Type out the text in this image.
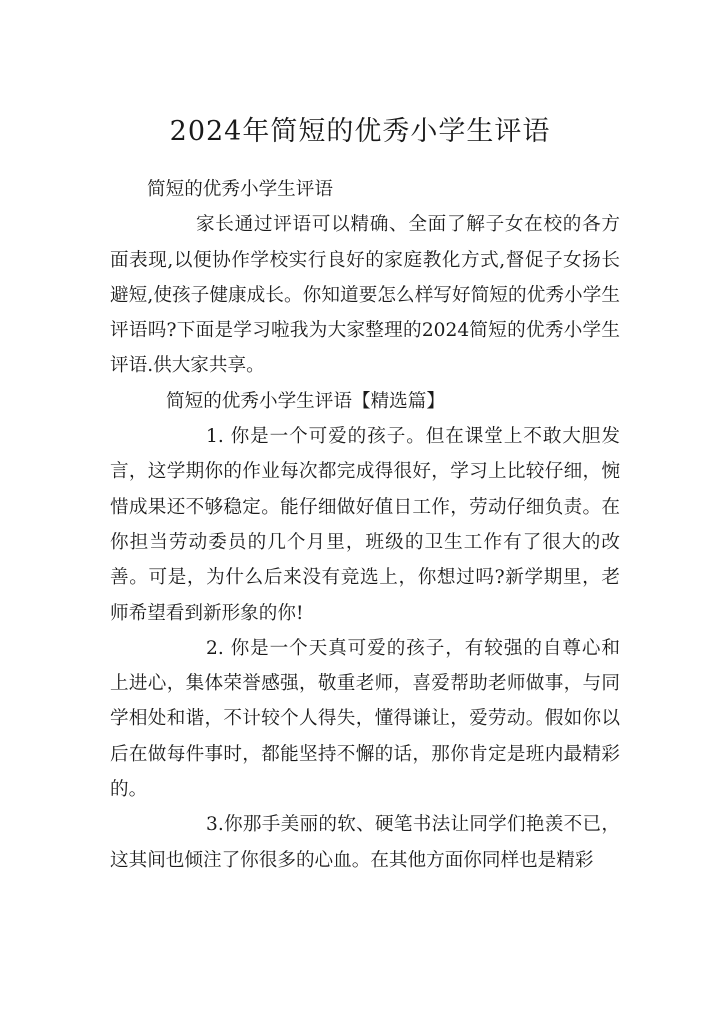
2024年简短的优秀小学生评语

简短的优秀小学生评语

家长通过评语可以精确、全面了解子女在校的各方面表现,以便协作学校实行良好的家庭教化方式,督促子女扬长避短,使孩子健康成长。你知道要怎么样写好简短的优秀小学生评语吗?下面是学习啦我为大家整理的2024简短的优秀小学生评语.供大家共享。

简短的优秀小学生评语【精选篇】

1. 你是一个可爱的孩子。但在课堂上不敢大胆发言，这学期你的作业每次都完成得很好，学习上比较仔细，惋惜成果还不够稳定。能仔细做好值日工作，劳动仔细负责。在你担当劳动委员的几个月里，班级的卫生工作有了很大的改善。可是，为什么后来没有竞选上，你想过吗?新学期里，老师希望看到新形象的你!

2. 你是一个天真可爱的孩子，有较强的自尊心和上进心，集体荣誉感强，敬重老师，喜爱帮助老师做事，与同学相处和谐，不计较个人得失，懂得谦让，爱劳动。假如你以后在做每件事时，都能坚持不懈的话，那你肯定是班内最精彩的。

3.你那手美丽的软、硬笔书法让同学们艳羡不已，这其间也倾注了你很多的心血。在其他方面你同样也是精彩
